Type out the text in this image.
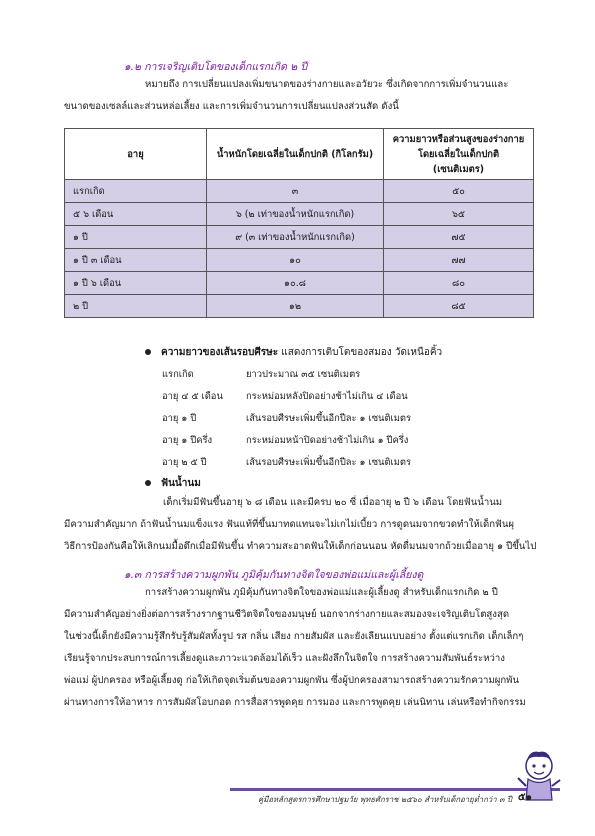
๑.๒ การเจริญเติบโตของเด็กแรกเกิด ๒ ปี
หมายถึง การเปลี่ยนแปลงเพิ่มขนาดของร่างกายและอวัยวะ ซึ่งเกิดจากการเพิ่มจำนวนและ
ขนาดของเซลล์และส่วนหล่อเลี้ยง และการเพิ่มจำนวนการเปลี่ยนแปลงส่วนสัด ดังนี้
อายุ	น้ำหนักโดยเฉลี่ยในเด็กปกติ (กิโลกรัม)	ความยาวหรือส่วนสูงของร่างกาย โดยเฉลี่ยในเด็กปกติ (เซนติเมตร)
แรกเกิด	๓	๕๐
๕ ๖ เดือน	๖ (๒ เท่าของน้ำหนักแรกเกิด)	๖๕
๑ ปี	๙ (๓ เท่าของน้ำหนักแรกเกิด)	๗๕
๑ ปี ๓ เดือน	๑๐	๗๗
๑ ปี ๖ เดือน	๑๐.๘	๘๐
๒ ปี	๑๒	๘๕
ความยาวของเส้นรอบศีรษะ แสดงการเติบโตของสมอง วัดเหนือคิ้ว
แรกเกิด	ยาวประมาณ ๓๕ เซนติเมตร
อายุ ๔ ๕ เดือน กระหม่อมหลังปิดอย่างช้าไม่เกิน ๔ เดือน
อายุ ๑ ปี	เส้นรอบศีรษะเพิ่มขึ้นอีกปีละ ๑ เซนติเมตร
อายุ ๑ ปีครึ่ง	กระหม่อมหน้าปิดอย่างช้าไม่เกิน ๑ ปีครึ่ง
อายุ ๒ ๕ ปี	เส้นรอบศีรษะเพิ่มขึ้นอีกปีละ ๑ เซนติเมตร
ฟันน้ำนม
เด็กเริ่มมีฟันขึ้นอายุ ๖ ๘ เดือน และมีครบ ๒๐ ซี่ เมื่ออายุ ๒ ปี ๖ เดือน โดยฟันน้ำนม
มีความสำคัญมาก ถ้าฟันน้ำนมแข็งแรง ฟันแท้ที่ขึ้นมาทดแทนจะไม่เกไม่เบี้ยว การดูดนมจากขวดทำให้เด็กฟันผุ
วิธีการป้องกันคือให้เลิกนมมื้อดึกเมื่อมีฟันขึ้น ทำความสะอาดฟันให้เด็กก่อนนอน หัดดื่มนมจากถ้วยเมื่ออายุ ๑ ปีขึ้นไป
๑.๓ การสร้างความผูกพัน ภูมิคุ้มกันทางจิตใจของพ่อแม่และผู้เลี้ยงดู
การสร้างความผูกพัน ภูมิคุ้มกันทางจิตใจของพ่อแม่และผู้เลี้ยงดู สำหรับเด็กแรกเกิด ๒ ปี
มีความสำคัญอย่างยิ่งต่อการสร้างรากฐานชีวิตจิตใจของมนุษย์ นอกจากร่างกายและสมองจะเจริญเติบโตสูงสุด
ในช่วงนี้เด็กยังมีความรู้สึกรับรู้สัมผัสทั้งรูป รส กลิ่น เสียง กายสัมผัส และยังเลียนแบบอย่าง ตั้งแต่แรกเกิด เด็กเล็กๆ
เรียนรู้จากประสบการณ์การเลี้ยงดูและภาวะแวดล้อมได้เร็ว และฝังลึกในจิตใจ การสร้างความสัมพันธ์ระหว่าง
พ่อแม่ ผู้ปกครอง หรือผู้เลี้ยงดู ก่อให้เกิดจุดเริ่มต้นของความผูกพัน ซึ่งผู้ปกครองสามารถสร้างความรักความผูกพัน
ผ่านทางการให้อาหาร การสัมผัสโอบกอด การสื่อสารพูดคุย การมอง และการพูดคุย เล่นนิทาน เล่นหรือทำกิจกรรม
คู่มือหลักสูตรการศึกษาปฐมวัย พุทธศักราช ๒๕๖๐ สำหรับเด็กอายุต่ำกว่า ๓ ปี ๕๑
